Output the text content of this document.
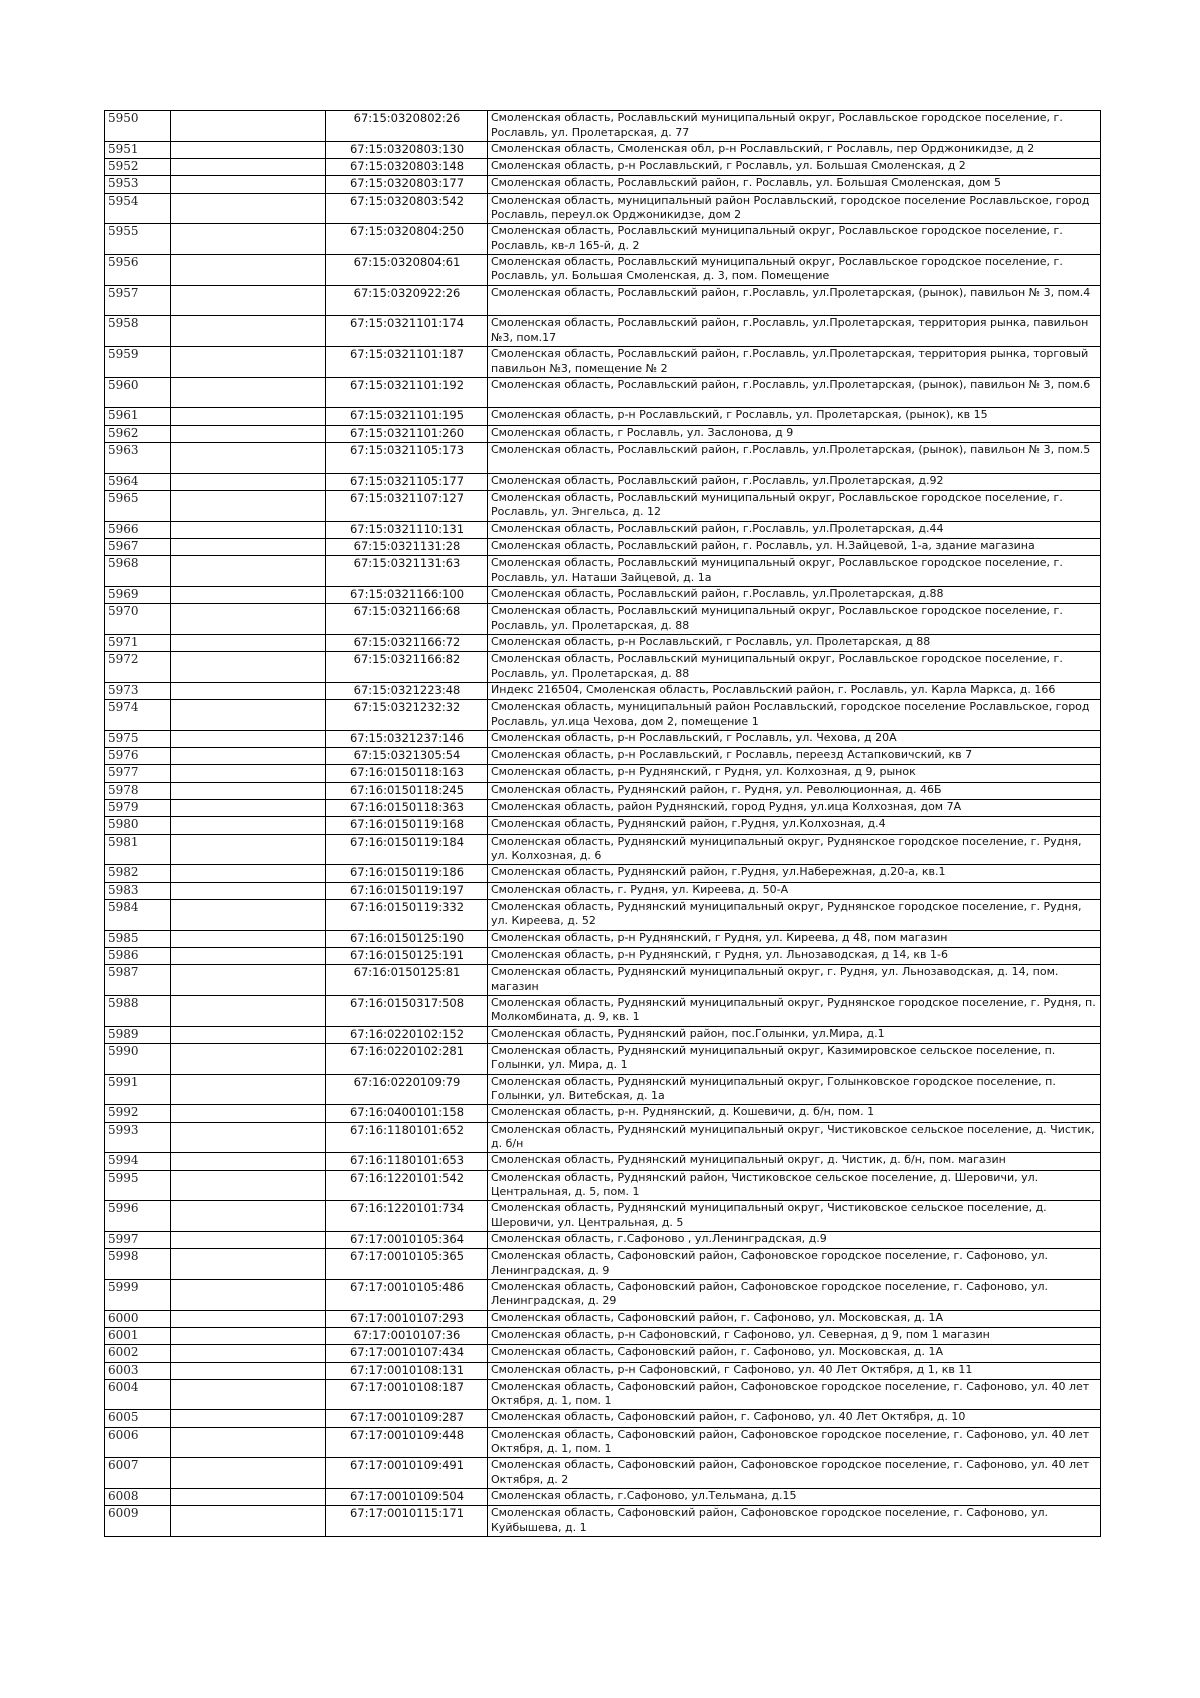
5950		67:15:0320802:26	Смоленская область, Рославльский муниципальный округ, Рославльское городское поселение, г. Рославль, ул. Пролетарская, д. 77

5951		67:15:0320803:130	Смоленская область, Смоленская обл, р-н Рославльский, г Рославль, пер Орджоникидзе, д 2

5952		67:15:0320803:148	Смоленская область, р-н Рославльский, г Рославль, ул. Большая Смоленская, д 2

5953		67:15:0320803:177	Смоленская область, Рославльский район, г. Рославль, ул. Большая Смоленская, дом 5

5954		67:15:0320803:542	Смоленская область, муниципальный район Рославльский, городское поселение Рославльское, город Рославль, переул.ок Орджоникидзе, дом 2

5955		67:15:0320804:250	Смоленская область, Рославльский муниципальный округ, Рославльское городское поселение, г. Рославль, кв-л 165-й, д. 2

5956		67:15:0320804:61	Смоленская область, Рославльский муниципальный округ, Рославльское городское поселение, г. Рославль, ул. Большая Смоленская, д. 3, пом. Помещение

5957		67:15:0320922:26	Смоленская область, Рославльский район, г.Рославль, ул.Пролетарская, (рынок), павильон № 3, пом.4

5958		67:15:0321101:174	Смоленская область, Рославльский район, г.Рославль, ул.Пролетарская, территория рынка, павильон №3, пом.17

5959		67:15:0321101:187	Смоленская область, Рославльский район, г.Рославль, ул.Пролетарская, территория рынка, торговый павильон №3, помещение № 2

5960		67:15:0321101:192	Смоленская область, Рославльский район, г.Рославль, ул.Пролетарская, (рынок), павильон № 3, пом.6

5961		67:15:0321101:195	Смоленская область, р-н Рославльский, г Рославль, ул. Пролетарская, (рынок), кв 15

5962		67:15:0321101:260	Смоленская область, г Рославль, ул. Заслонова, д 9

5963		67:15:0321105:173	Смоленская область, Рославльский район, г.Рославль, ул.Пролетарская, (рынок), павильон № 3, пом.5

5964		67:15:0321105:177	Смоленская область, Рославльский район, г.Рославль, ул.Пролетарская, д.92

5965		67:15:0321107:127	Смоленская область, Рославльский муниципальный округ, Рославльское городское поселение, г. Рославль, ул. Энгельса, д. 12

5966		67:15:0321110:131	Смоленская область, Рославльский район, г.Рославль, ул.Пролетарская, д.44

5967		67:15:0321131:28	Смоленская область, Рославльский район, г. Рославль, ул. Н.Зайцевой, 1-а, здание магазина

5968		67:15:0321131:63	Смоленская область, Рославльский муниципальный округ, Рославльское городское поселение, г. Рославль, ул. Наташи Зайцевой, д. 1а

5969		67:15:0321166:100	Смоленская область, Рославльский район, г.Рославль, ул.Пролетарская, д.88

5970		67:15:0321166:68	Смоленская область, Рославльский муниципальный округ, Рославльское городское поселение, г. Рославль, ул. Пролетарская, д. 88

5971		67:15:0321166:72	Смоленская область, р-н Рославльский, г Рославль, ул. Пролетарская, д 88

5972		67:15:0321166:82	Смоленская область, Рославльский муниципальный округ, Рославльское городское поселение, г. Рославль, ул. Пролетарская, д. 88

5973		67:15:0321223:48	Индекс 216504, Смоленская область, Рославльский район, г. Рославль, ул. Карла Маркса, д. 166

5974		67:15:0321232:32	Смоленская область, муниципальный район Рославльский, городское поселение Рославльское, город Рославль, ул.ица Чехова, дом 2, помещение 1

5975		67:15:0321237:146	Смоленская область, р-н Рославльский, г Рославль, ул. Чехова, д 20А

5976		67:15:0321305:54	Смоленская область, р-н Рославльский, г Рославль, переезд Астапковичский, кв 7

5977		67:16:0150118:163	Смоленская область, р-н Руднянский, г Рудня, ул. Колхозная, д 9, рынок

5978		67:16:0150118:245	Смоленская область, Руднянский район, г. Рудня, ул. Революционная, д. 46Б

5979		67:16:0150118:363	Смоленская область, район Руднянский, город Рудня, ул.ица Колхозная, дом 7А

5980		67:16:0150119:168	Смоленская область, Руднянский район, г.Рудня, ул.Колхозная, д.4

5981		67:16:0150119:184	Смоленская область, Руднянский муниципальный округ, Руднянское городское поселение, г. Рудня, ул. Колхозная, д. 6

5982		67:16:0150119:186	Смоленская область, Руднянский район, г.Рудня, ул.Набережная, д.20-а, кв.1

5983		67:16:0150119:197	Смоленская область, г. Рудня, ул. Киреева, д. 50-А

5984		67:16:0150119:332	Смоленская область, Руднянский муниципальный округ, Руднянское городское поселение, г. Рудня, ул. Киреева, д. 52

5985		67:16:0150125:190	Смоленская область, р-н Руднянский, г Рудня, ул. Киреева, д 48, пом магазин

5986		67:16:0150125:191	Смоленская область, р-н Руднянский, г Рудня, ул. Льнозаводская, д 14, кв 1-6

5987		67:16:0150125:81	Смоленская область, Руднянский муниципальный округ, г. Рудня, ул. Льнозаводская, д. 14, пом. магазин

5988		67:16:0150317:508	Смоленская область, Руднянский муниципальный округ, Руднянское городское поселение, г. Рудня, п. Молкомбината, д. 9, кв. 1

5989		67:16:0220102:152	Смоленская область, Руднянский район, пос.Голынки, ул.Мира, д.1

5990		67:16:0220102:281	Смоленская область, Руднянский муниципальный округ, Казимировское сельское поселение, п. Голынки, ул. Мира, д. 1

5991		67:16:0220109:79	Смоленская область, Руднянский муниципальный округ, Голынковское городское поселение, п. Голынки, ул. Витебская, д. 1а

5992		67:16:0400101:158	Смоленская область, р-н. Руднянский, д. Кошевичи, д. б/н, пом. 1

5993		67:16:1180101:652	Смоленская область, Руднянский муниципальный округ, Чистиковское сельское поселение, д. Чистик, д. б/н

5994		67:16:1180101:653	Смоленская область, Руднянский муниципальный округ, д. Чистик, д. б/н, пом. магазин

5995		67:16:1220101:542	Смоленская область, Руднянский район, Чистиковское сельское поселение, д. Шеровичи, ул. Центральная, д. 5, пом. 1

5996		67:16:1220101:734	Смоленская область, Руднянский муниципальный округ, Чистиковское сельское поселение, д. Шеровичи, ул. Центральная, д. 5

5997		67:17:0010105:364	Смоленская область, г.Сафоново , ул.Ленинградская, д.9

5998		67:17:0010105:365	Смоленская область, Сафоновский район, Сафоновское городское поселение, г. Сафоново, ул. Ленинградская, д. 9

5999		67:17:0010105:486	Смоленская область, Сафоновский район, Сафоновское городское поселение, г. Сафоново, ул. Ленинградская, д. 29

6000		67:17:0010107:293	Смоленская область, Сафоновский район, г. Сафоново, ул. Московская, д. 1А

6001		67:17:0010107:36	Смоленская область, р-н Сафоновский, г Сафоново, ул. Северная, д 9, пом 1 магазин

6002		67:17:0010107:434	Смоленская область, Сафоновский район, г. Сафоново, ул. Московская, д. 1А

6003		67:17:0010108:131	Смоленская область, р-н Сафоновский, г Сафоново, ул. 40 Лет Октября, д 1, кв 11

6004		67:17:0010108:187	Смоленская область, Сафоновский район, Сафоновское городское поселение, г. Сафоново, ул. 40 лет Октября, д. 1, пом. 1

6005		67:17:0010109:287	Смоленская область, Сафоновский район, г. Сафоново, ул. 40 Лет Октября, д. 10

6006		67:17:0010109:448	Смоленская область, Сафоновский район, Сафоновское городское поселение, г. Сафоново, ул. 40 лет Октября, д. 1, пом. 1

6007		67:17:0010109:491	Смоленская область, Сафоновский район, Сафоновское городское поселение, г. Сафоново, ул. 40 лет Октября, д. 2

6008		67:17:0010109:504	Смоленская область, г.Сафоново, ул.Тельмана, д.15

6009		67:17:0010115:171	Смоленская область, Сафоновский район, Сафоновское городское поселение, г. Сафоново, ул. Куйбышева, д. 1
